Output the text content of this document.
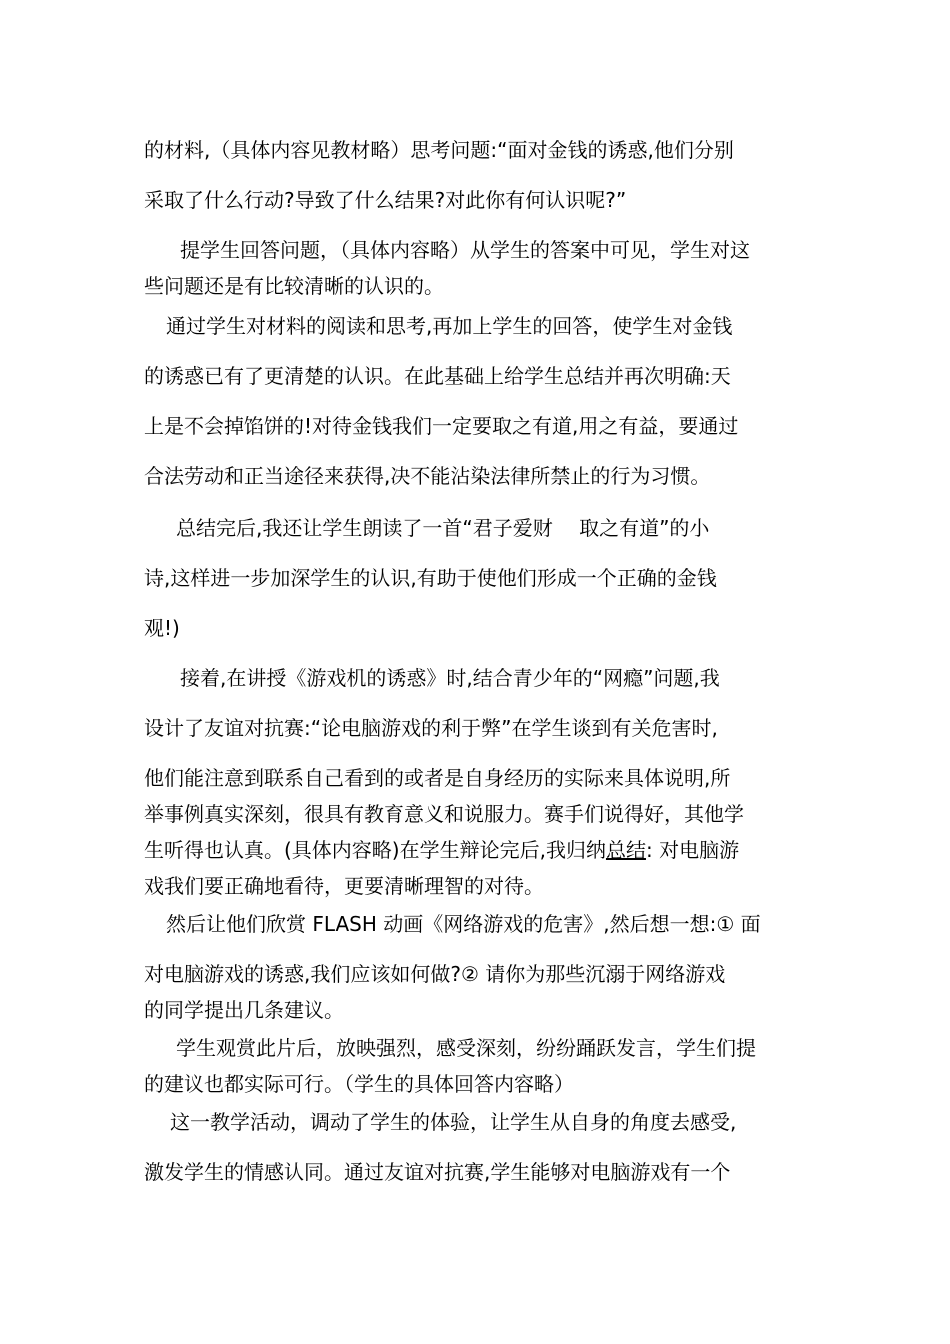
的材料,（具体内容见教材略）思考问题:“面对金钱的诱惑,他们分别

采取了什么行动?导致了什么结果?对此你有何认识呢?”

提学生回答问题，（具体内容略）从学生的答案中可见，学生对这

些问题还是有比较清晰的认识的。

通过学生对材料的阅读和思考,再加上学生的回答，使学生对金钱

的诱惑已有了更清楚的认识。在此基础上给学生总结并再次明确:天

上是不会掉馅饼的!对待金钱我们一定要取之有道,用之有益，要通过

合法劳动和正当途径来获得,决不能沾染法律所禁止的行为习惯。

总结完后,我还让学生朗读了一首“君子爱财　 取之有道”的小

诗,这样进一步加深学生的认识,有助于使他们形成一个正确的金钱

观!)

接着,在讲授《游戏机的诱惑》时,结合青少年的“网瘾”问题,我

设计了友谊对抗赛:“论电脑游戏的利于弊”在学生谈到有关危害时,

他们能注意到联系自己看到的或者是自身经历的实际来具体说明,所

举事例真实深刻，很具有教育意义和说服力。赛手们说得好，其他学

生听得也认真。(具体内容略)在学生辩论完后,我归纳总结: 对电脑游

戏我们要正确地看待，更要清晰理智的对待。

然后让他们欣赏 FLASH 动画《网络游戏的危害》,然后想一想:① 面

对电脑游戏的诱惑,我们应该如何做?② 请你为那些沉溺于网络游戏

的同学提出几条建议。

学生观赏此片后，放映强烈，感受深刻，纷纷踊跃发言，学生们提

的建议也都实际可行。（学生的具体回答内容略）

这一教学活动，调动了学生的体验，让学生从自身的角度去感受,

激发学生的情感认同。通过友谊对抗赛,学生能够对电脑游戏有一个
